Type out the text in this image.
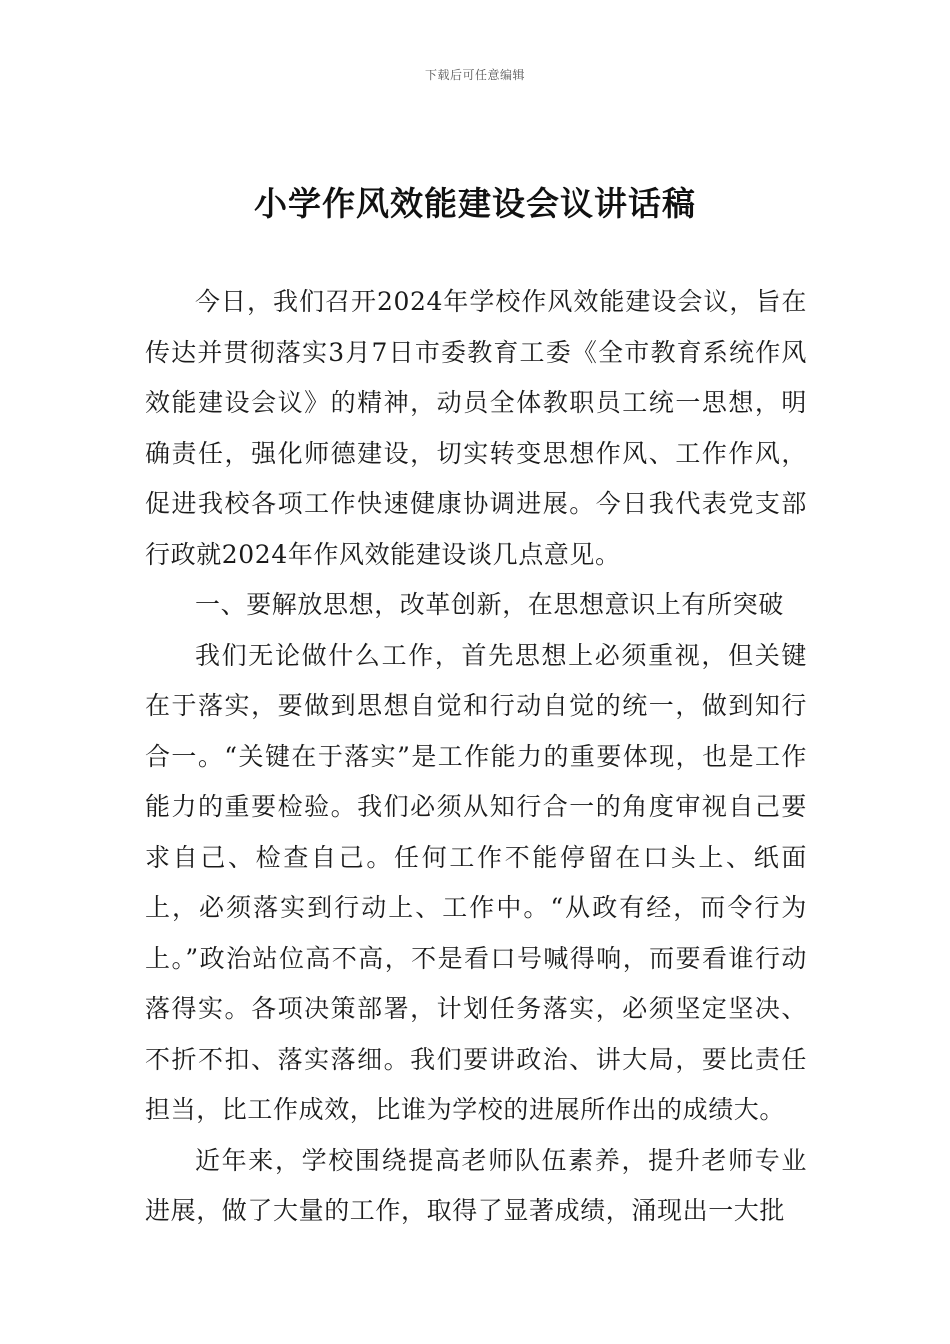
下载后可任意编辑
小学作风效能建设会议讲话稿

今日，我们召开2024年学校作风效能建设会议，旨在传达并贯彻落实3月7日市委教育工委《全市教育系统作风效能建设会议》的精神，动员全体教职员工统一思想，明确责任，强化师德建设，切实转变思想作风、工作作风，促进我校各项工作快速健康协调进展。今日我代表党支部行政就2024年作风效能建设谈几点意见。

一、要解放思想，改革创新，在思想意识上有所突破

我们无论做什么工作，首先思想上必须重视，但关键在于落实，要做到思想自觉和行动自觉的统一，做到知行合一。“关键在于落实”是工作能力的重要体现，也是工作能力的重要检验。我们必须从知行合一的角度审视自己要求自己、检查自己。任何工作不能停留在口头上、纸面上，必须落实到行动上、工作中。“从政有经，而令行为上。”政治站位高不高，不是看口号喊得响，而要看谁行动落得实。各项决策部署，计划任务落实，必须坚定坚决、不折不扣、落实落细。我们要讲政治、讲大局，要比责任担当，比工作成效，比谁为学校的进展所作出的成绩大。

近年来，学校围绕提高老师队伍素养，提升老师专业进展，做了大量的工作，取得了显著成绩，涌现出一大批
